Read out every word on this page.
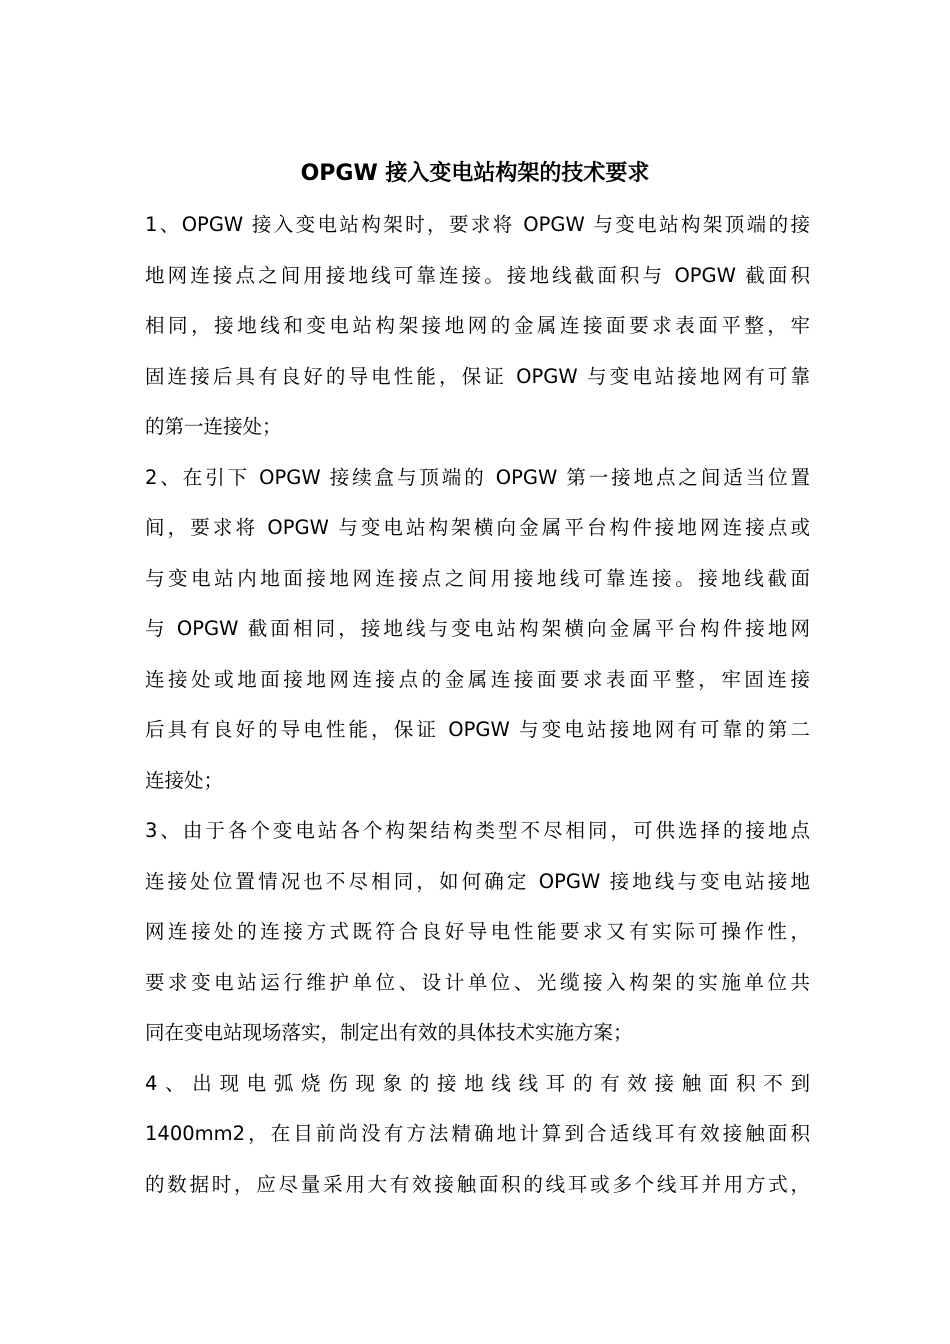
OPGW 接入变电站构架的技术要求
1、OPGW 接入变电站构架时，要求将 OPGW 与变电站构架顶端的接
地网连接点之间用接地线可靠连接。接地线截面积与 OPGW 截面积
相同，接地线和变电站构架接地网的金属连接面要求表面平整，牢
固连接后具有良好的导电性能，保证 OPGW 与变电站接地网有可靠
的第一连接处；
2、在引下 OPGW 接续盒与顶端的 OPGW 第一接地点之间适当位置
间，要求将 OPGW 与变电站构架横向金属平台构件接地网连接点或
与变电站内地面接地网连接点之间用接地线可靠连接。接地线截面
与 OPGW 截面相同，接地线与变电站构架横向金属平台构件接地网
连接处或地面接地网连接点的金属连接面要求表面平整，牢固连接
后具有良好的导电性能，保证 OPGW 与变电站接地网有可靠的第二
连接处；
3、由于各个变电站各个构架结构类型不尽相同，可供选择的接地点
连接处位置情况也不尽相同，如何确定 OPGW 接地线与变电站接地
网连接处的连接方式既符合良好导电性能要求又有实际可操作性，
要求变电站运行维护单位、设计单位、光缆接入构架的实施单位共
同在变电站现场落实，制定出有效的具体技术实施方案；
4、出现电弧烧伤现象的接地线线耳的有效接触面积不到
1400mm2，在目前尚没有方法精确地计算到合适线耳有效接触面积
的数据时，应尽量采用大有效接触面积的线耳或多个线耳并用方式，
